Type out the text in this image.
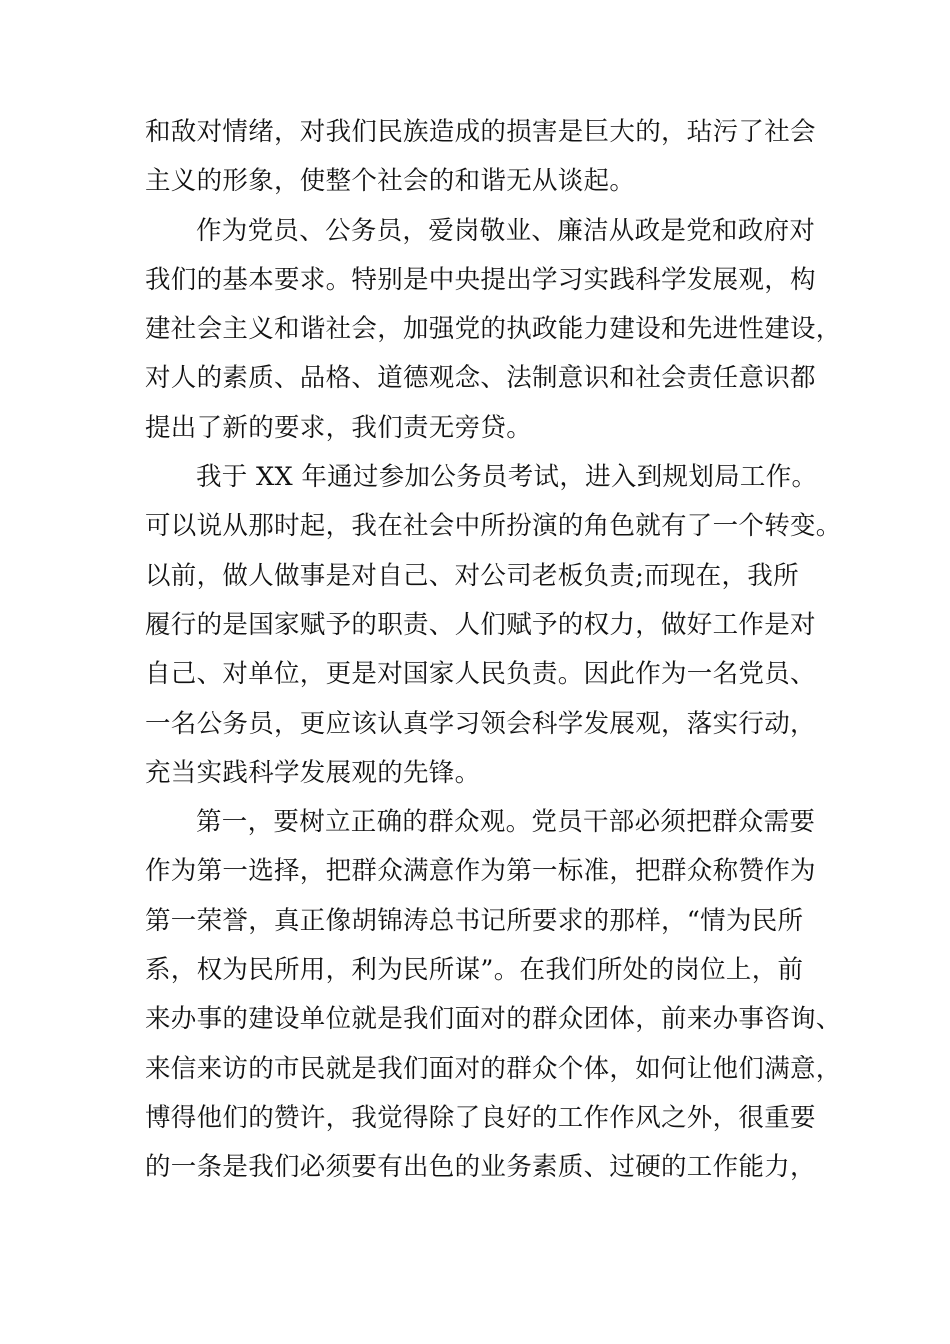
和敌对情绪，对我们民族造成的损害是巨大的，玷污了社会
主义的形象，使整个社会的和谐无从谈起。
作为党员、公务员，爱岗敬业、廉洁从政是党和政府对
我们的基本要求。特别是中央提出学习实践科学发展观，构
建社会主义和谐社会，加强党的执政能力建设和先进性建设，
对人的素质、品格、道德观念、法制意识和社会责任意识都
提出了新的要求，我们责无旁贷。
我于 XX 年通过参加公务员考试，进入到规划局工作。
可以说从那时起，我在社会中所扮演的角色就有了一个转变。
以前，做人做事是对自己、对公司老板负责;而现在，我所
履行的是国家赋予的职责、人们赋予的权力，做好工作是对
自己、对单位，更是对国家人民负责。因此作为一名党员、
一名公务员，更应该认真学习领会科学发展观，落实行动，
充当实践科学发展观的先锋。
第一，要树立正确的群众观。党员干部必须把群众需要
作为第一选择，把群众满意作为第一标准，把群众称赞作为
第一荣誉，真正像胡锦涛总书记所要求的那样，“情为民所
系，权为民所用，利为民所谋”。在我们所处的岗位上，前
来办事的建设单位就是我们面对的群众团体，前来办事咨询、
来信来访的市民就是我们面对的群众个体，如何让他们满意，
博得他们的赞许，我觉得除了良好的工作作风之外，很重要
的一条是我们必须要有出色的业务素质、过硬的工作能力，
